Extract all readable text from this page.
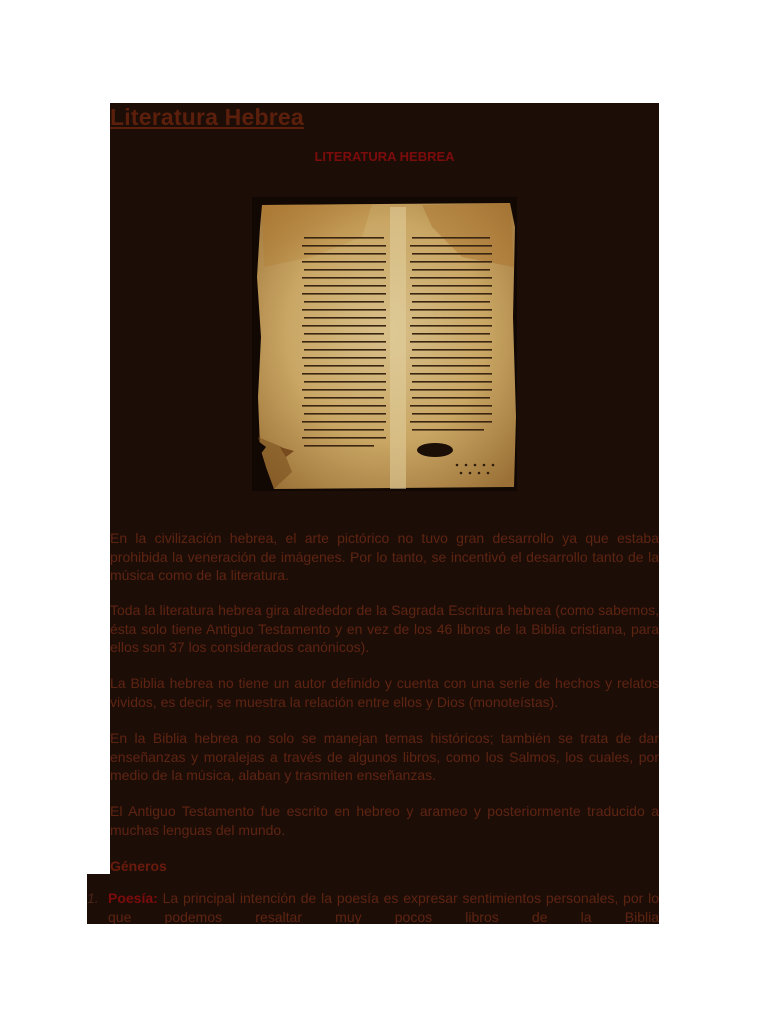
Literatura Hebrea
LITERATURA HEBREA

En la civilización hebrea, el arte pictórico no tuvo gran desarrollo ya que estaba prohibida la veneración de imágenes. Por lo tanto, se incentivó el desarrollo tanto de la música como de la literatura.

Toda la literatura hebrea gira alrededor de la Sagrada Escritura hebrea (como sabemos, ésta solo tiene Antiguo Testamento y en vez de los 46 libros de la Biblia cristiana, para ellos son 37 los considerados canónicos).

La Biblia hebrea no tiene un autor definido y cuenta con una serie de hechos y relatos vividos, es decir, se muestra la relación entre ellos y Dios (monoteístas).

En la Biblia hebrea no solo se manejan temas históricos; también se trata de dar enseñanzas y moralejas a través de algunos libros, como los Salmos, los cuales, por medio de la música, alaban y trasmiten enseñanzas.

El Antiguo Testamento fue escrito en hebreo y arameo y posteriormente traducido a muchas lenguas del mundo.

Géneros
1. Poesía: La principal intención de la poesía es expresar sentimientos personales, por lo que podemos resaltar muy pocos libros de la Biblia
